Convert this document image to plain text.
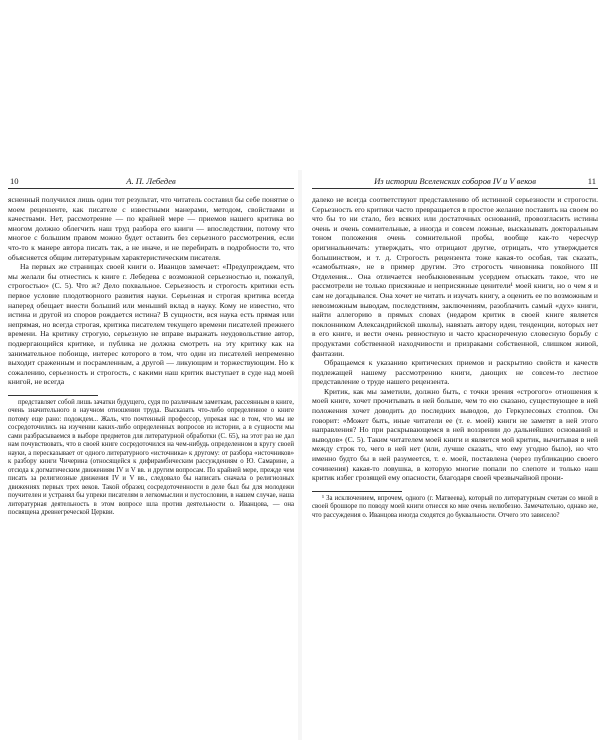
10	А. П. Лебедев

ясненный получился лишь один тот результат, что читатель составил бы себе понятие о моем рецензенте, как писателе с известными манерами, методом, свойствами и качествами. Нет, рассмотрение — по крайней мере — приемов нашего критика во многом должно облегчить наш труд разбора его книги — впоследствии, потому что многое с большим правом можно будет оставить без серьезного рассмотрения, если что-то к манере автора писать так, а не иначе, и не перебирать в подробности то, что объясняется общим литературным характеристическим писателя.

На первых же страницах своей книги о. Иванцов замечает: «Предупреждаем, что мы желали бы отнестись к книге г. Лебедева с возможной серьезностью и, пожалуй, строгостью» (С. 5). Что ж? Дело похвальное. Серьезность и строгость критики есть первое условие плодотворного развития науки. Серьезная и строгая критика всегда наперед обещает внести больший или меньший вклад в науку. Кому не известно, что истина и другой из споров рождается истина? В сущности, вся наука есть прямая или непрямая, но всегда строгая, критика писателем текущего времени писателей прежнего времени. На критику строгую, серьезную не вправе выражать неудовольствие автор, подвергающийся критике, и публика не должна смотреть на эту критику как на занимательное побоище, интерес которого в том, что один из писателей непременно выходит сраженным и посрамленным, а другой — ликующим и торжествующим. Но к сожалению, серьезность и строгость, с какими наш критик выступает в суде над моей книгой, не всегда

представляет собой лишь зачатки будущего, судя по различным заметкам, рассеянным в книге, очень значительного в научном отношении труда. Высказать что-либо определенное о книге потому еще рано: подождем... Жаль, что почтенный профессор, упрекая нас в том, что мы не сосредоточились на изучении каких-либо определенных вопросов из истории, а в сущности мы сами разбрасываемся в выборе предметов для литературной обработки (С. 65), на этот раз не дал нам почувствовать, что в своей книге сосредоточился на чем-нибудь определенном в кругу своей науки, а пересказывает от одного литературного «источника» к другому: от разбора «источников» к разбору книги Чичерина (относящейся к дифирамбическим рассуждениям о Ю. Самарине, а отсюда к догматическим движениям IV и V вв. и другим вопросам. По крайней мере, прежде чем писать за религиозные движения IV и V вв., следовало бы написать сначала о религиозных движениях первых трех веков. Такой образец сосредоточенности в деле был бы для молодежи поучителен и устранял бы упреки писателям в легкомыслии и пустословии, в нашем случае, наша литературная деятельность в этом вопросе шла против деятельности о. Иванцова, — она посвящена древнегреческой Церкви.

Из истории Вселенских соборов IV и V веков	11

далеко не всегда соответствуют представлению об истинной серьезности и строгости. Серьезность его критики часто превращается в простое желание поставить на своем во что бы то ни стало, без всяких или достаточных оснований, провозгласить истины очень и очень сомнительные, а иногда и совсем ложные, высказывать докторальным тоном положения очень сомнительной пробы, вообще как-то чересчур оригинальничать: утверждать, что отрицают другие, отрицать, что утверждается большинством, и т. д. Строгость рецензента тоже какая-то особая, так сказать, «самобытная», не в пример другим. Это строгость чиновника покойного III Отделения... Она отличается необыкновенным усердием отыскать такое, что не рассмотрели не только присяжные и неприсяжные ценители¹ моей книги, но о чем я и сам не догадывался. Она хочет не читать и изучать книгу, а оценить ее по возможным и невозможным выводам, последствиям, заключениям, разоблачить самый «дух» книги, найти аллегорию в прямых словах (недаром критик в своей книге является поклонником Александрийской школы), навязать автору идеи, тенденции, которых нет в его книге, и вести очень ревностную и часто краснореченую словесную борьбу с продуктами собственной находчивости и призраками собственной, слишком живой, фантазии.

Обращаемся к указанию критических приемов и раскрытию свойств и качеств подлежащей нашему рассмотрению книги, дающих не совсем-то лестное представление о труде нашего рецензента.

Критик, как мы заметили, должно быть, с точки зрения «строгого» отношения к моей книге, хочет прочитывать в ней больше, чем то ею сказано, существующее в ней положения хочет доводить до последних выводов, до Геркулесовых столпов. Он говорит: «Может быть, иные читатели ее (т. е. моей) книги не заметят в ней этого направления? Но при раскрывающемся в ней воззрении до дальнейших оснований и выводов» (С. 5). Таким читателем моей книги и является мой критик, вычитывая в ней между строк то, чего в ней нет (или, лучше сказать, что ему угодно было), но что именно будто бы в ней разумеется, т. е. моей, поставлена (через публикацию своего сочинения) какая-то ловушка, в которую многие попали по слепоте и только наш критик избег грозящей ему опасности, благодаря своей чрезвычайной прони-

¹ За исключением, впрочем, одного (г. Матвеева), который по литературным счетам со мной в своей брошюре по поводу моей книги отнесся ко мне очень нелюбезно. Замечательно, однако же, что рассуждения о. Иванцова иногда сходятся до буквальности. Отчего это зависело?
